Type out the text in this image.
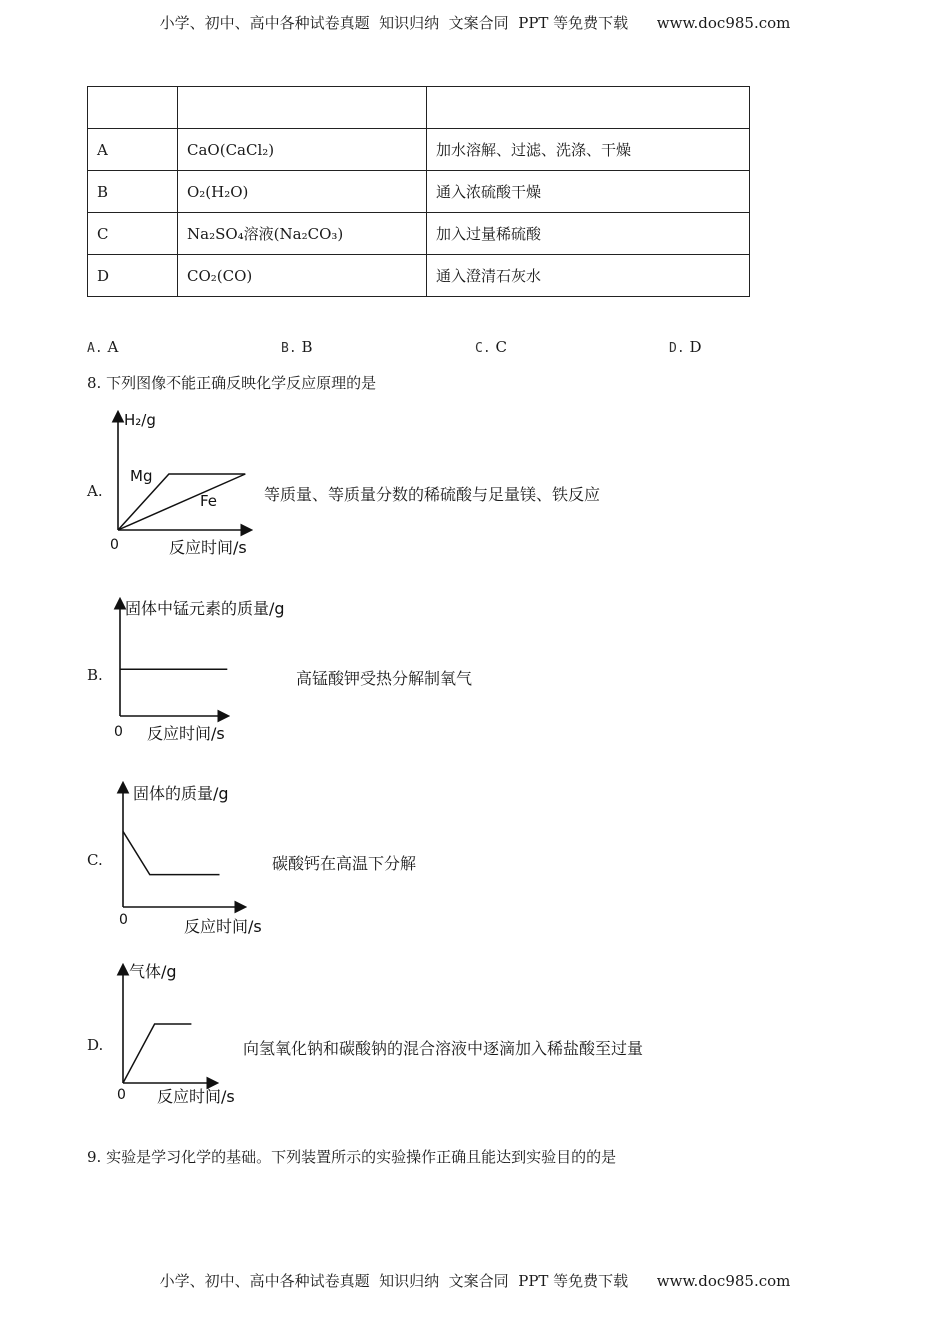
小学、初中、高中各种试卷真题  知识归纳  文案合同  PPT 等免费下载      www.doc985.com

A	CaO(CaCl₂)	加水溶解、过滤、洗涤、干燥
B	O₂(H₂O)	通入浓硫酸干燥
C	Na₂SO₄溶液(Na₂CO₃)	加入过量稀硫酸
D	CO₂(CO)	通入澄清石灰水
A. A	B. B	C. C	D. D
8. 下列图像不能正确反映化学反应原理的是
A.
H₂/g
反应时间/s
0
Mg
Fe	等质量、等质量分数的稀硫酸与足量镁、铁反应
B.
固体中锰元素的质量/g
反应时间/s
0
高锰酸钾受热分解制氧气
C.
固体的质量/g
反应时间/s
0
碳酸钙在高温下分解
D.
气体/g
反应时间/s
0
向氢氧化钠和碳酸钠的混合溶液中逐滴加入稀盐酸至过量
9. 实验是学习化学的基础。下列装置所示的实验操作正确且能达到实验目的的是
小学、初中、高中各种试卷真题  知识归纳  文案合同  PPT 等免费下载      www.doc985.com
